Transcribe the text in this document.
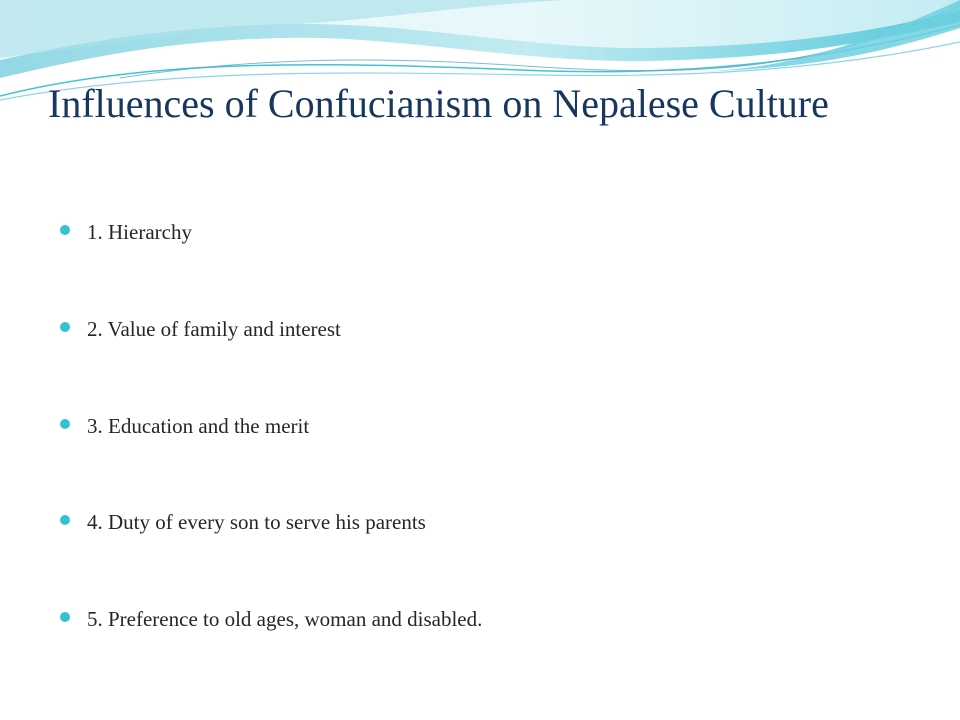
Influences of Confucianism on Nepalese Culture
1. Hierarchy
2. Value of family and interest
3. Education and the merit
4. Duty of every son to serve his parents
5. Preference to old ages, woman and disabled.
